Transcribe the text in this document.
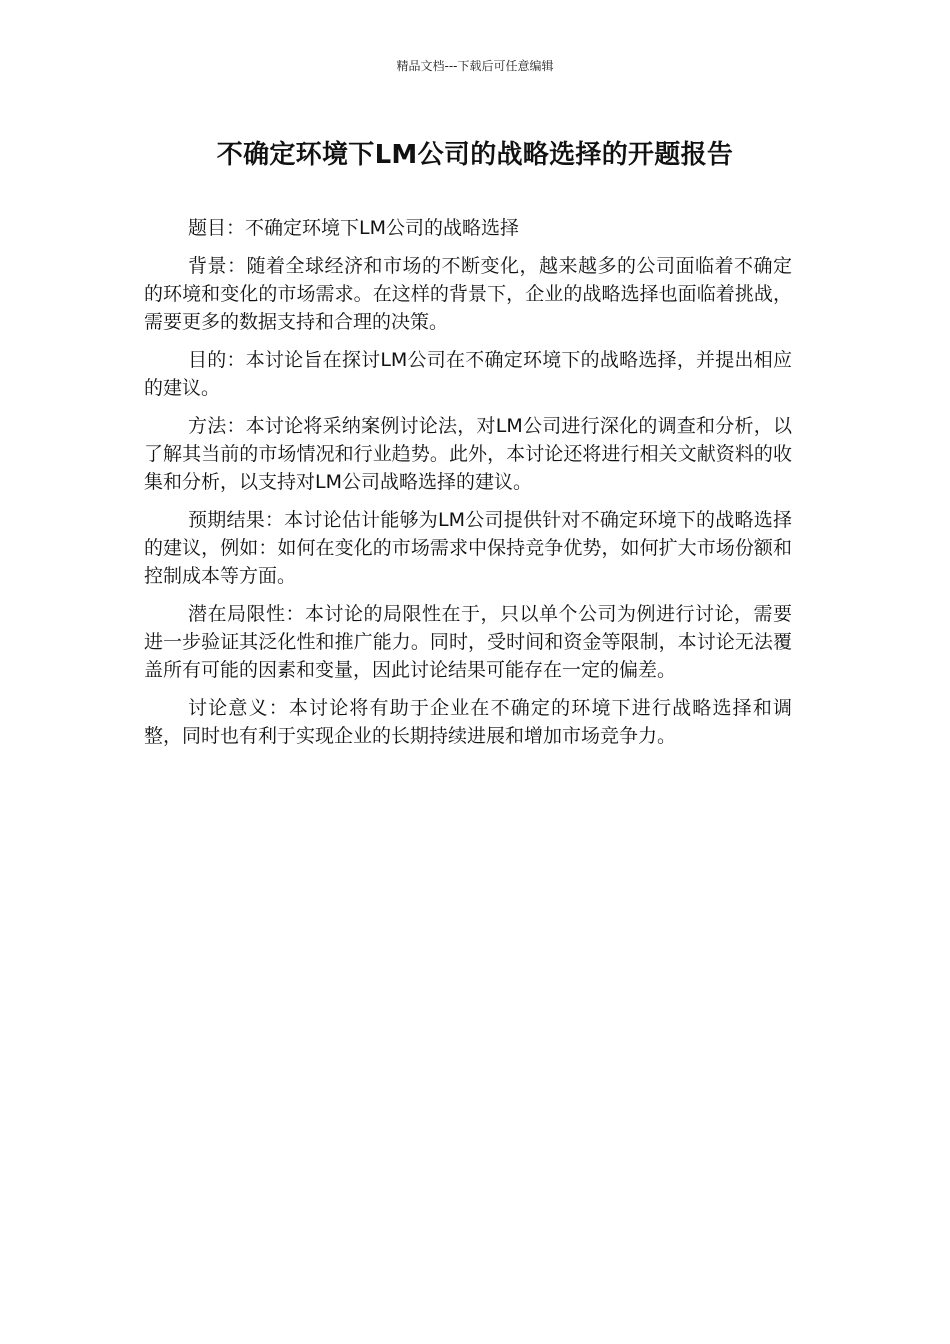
精品文档---下载后可任意编辑
不确定环境下LM公司的战略选择的开题报告

题目：不确定环境下LM公司的战略选择

背景：随着全球经济和市场的不断变化，越来越多的公司面临着不确定的环境和变化的市场需求。在这样的背景下，企业的战略选择也面临着挑战，需要更多的数据支持和合理的决策。

目的：本讨论旨在探讨LM公司在不确定环境下的战略选择，并提出相应的建议。

方法：本讨论将采纳案例讨论法，对LM公司进行深化的调查和分析，以了解其当前的市场情况和行业趋势。此外，本讨论还将进行相关文献资料的收集和分析，以支持对LM公司战略选择的建议。

预期结果：本讨论估计能够为LM公司提供针对不确定环境下的战略选择的建议，例如：如何在变化的市场需求中保持竞争优势，如何扩大市场份额和控制成本等方面。

潜在局限性：本讨论的局限性在于，只以单个公司为例进行讨论，需要进一步验证其泛化性和推广能力。同时，受时间和资金等限制，本讨论无法覆盖所有可能的因素和变量，因此讨论结果可能存在一定的偏差。

讨论意义：本讨论将有助于企业在不确定的环境下进行战略选择和调整，同时也有利于实现企业的长期持续进展和增加市场竞争力。
